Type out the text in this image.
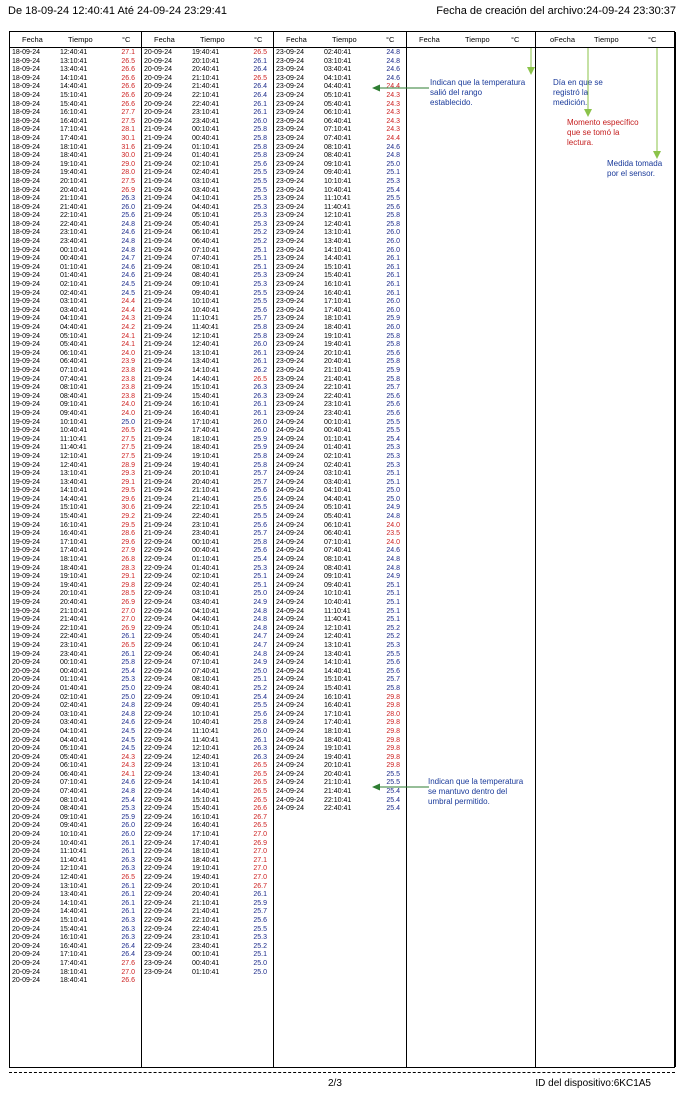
De 18-09-24 12:40:41 Até 24-09-24 23:29:41	Fecha de creación del archivo:24-09-24 23:30:37
Fecha	Tiempo	°C
18-09-24	12:40:41	27.1
18-09-24	13:10:41	26.5
18-09-24	13:40:41	26.6
18-09-24	14:10:41	26.6
18-09-24	14:40:41	26.6
18-09-24	15:10:41	26.6
18-09-24	15:40:41	26.6
18-09-24	16:10:41	27.7
18-09-24	16:40:41	27.5
18-09-24	17:10:41	28.1
18-09-24	17:40:41	30.1
18-09-24	18:10:41	31.6
18-09-24	18:40:41	30.0
18-09-24	19:10:41	29.0
18-09-24	19:40:41	28.0
18-09-24	20:10:41	27.5
18-09-24	20:40:41	26.9
18-09-24	21:10:41	26.3
18-09-24	21:40:41	26.0
18-09-24	22:10:41	25.6
18-09-24	22:40:41	24.8
18-09-24	23:10:41	24.6
18-09-24	23:40:41	24.8
19-09-24	00:10:41	24.8
19-09-24	00:40:41	24.7
19-09-24	01:10:41	24.6
19-09-24	01:40:41	24.6
19-09-24	02:10:41	24.5
19-09-24	02:40:41	24.5
19-09-24	03:10:41	24.4
19-09-24	03:40:41	24.4
19-09-24	04:10:41	24.3
19-09-24	04:40:41	24.2
19-09-24	05:10:41	24.1
19-09-24	05:40:41	24.1
19-09-24	06:10:41	24.0
19-09-24	06:40:41	23.9
19-09-24	07:10:41	23.8
19-09-24	07:40:41	23.8
19-09-24	08:10:41	23.8
19-09-24	08:40:41	23.8
19-09-24	09:10:41	24.0
19-09-24	09:40:41	24.0
19-09-24	10:10:41	25.0
19-09-24	10:40:41	26.5
19-09-24	11:10:41	27.5
19-09-24	11:40:41	27.5
19-09-24	12:10:41	27.5
19-09-24	12:40:41	28.9
19-09-24	13:10:41	29.3
19-09-24	13:40:41	29.1
19-09-24	14:10:41	29.5
19-09-24	14:40:41	29.6
19-09-24	15:10:41	30.6
19-09-24	15:40:41	29.2
19-09-24	16:10:41	29.5
19-09-24	16:40:41	28.6
19-09-24	17:10:41	29.6
19-09-24	17:40:41	27.9
19-09-24	18:10:41	26.8
19-09-24	18:40:41	28.3
19-09-24	19:10:41	29.1
19-09-24	19:40:41	29.8
19-09-24	20:10:41	28.5
19-09-24	20:40:41	26.9
19-09-24	21:10:41	27.0
19-09-24	21:40:41	27.0
19-09-24	22:10:41	26.9
19-09-24	22:40:41	26.1
19-09-24	23:10:41	26.5
19-09-24	23:40:41	26.1
20-09-24	00:10:41	25.8
20-09-24	00:40:41	25.4
20-09-24	01:10:41	25.3
20-09-24	01:40:41	25.0
20-09-24	02:10:41	25.0
20-09-24	02:40:41	24.8
20-09-24	03:10:41	24.8
20-09-24	03:40:41	24.6
20-09-24	04:10:41	24.5
20-09-24	04:40:41	24.5
20-09-24	05:10:41	24.5
20-09-24	05:40:41	24.3
20-09-24	06:10:41	24.3
20-09-24	06:40:41	24.1
20-09-24	07:10:41	24.6
20-09-24	07:40:41	24.8
20-09-24	08:10:41	25.4
20-09-24	08:40:41	25.3
20-09-24	09:10:41	25.9
20-09-24	09:40:41	26.0
20-09-24	10:10:41	26.0
20-09-24	10:40:41	26.1
20-09-24	11:10:41	26.1
20-09-24	11:40:41	26.3
20-09-24	12:10:41	26.3
20-09-24	12:40:41	26.5
20-09-24	13:10:41	26.1
20-09-24	13:40:41	26.1
20-09-24	14:10:41	26.1
20-09-24	14:40:41	26.1
20-09-24	15:10:41	26.3
20-09-24	15:40:41	26.3
20-09-24	16:10:41	26.3
20-09-24	16:40:41	26.4
20-09-24	17:10:41	26.4
20-09-24	17:40:41	27.6
20-09-24	18:10:41	27.0
20-09-24	18:40:41	26.6
Fecha	Tiempo	°C
20-09-24	19:40:41	26.5
20-09-24	20:10:41	26.1
20-09-24	20:40:41	26.4
20-09-24	21:10:41	26.5
20-09-24	21:40:41	26.4
20-09-24	22:10:41	26.4
20-09-24	22:40:41	26.1
20-09-24	23:10:41	26.1
20-09-24	23:40:41	26.0
21-09-24	00:10:41	25.8
21-09-24	00:40:41	25.8
21-09-24	01:10:41	25.8
21-09-24	01:40:41	25.8
21-09-24	02:10:41	25.6
21-09-24	02:40:41	25.5
21-09-24	03:10:41	25.5
21-09-24	03:40:41	25.5
21-09-24	04:10:41	25.3
21-09-24	04:40:41	25.3
21-09-24	05:10:41	25.3
21-09-24	05:40:41	25.3
21-09-24	06:10:41	25.2
21-09-24	06:40:41	25.2
21-09-24	07:10:41	25.1
21-09-24	07:40:41	25.1
21-09-24	08:10:41	25.1
21-09-24	08:40:41	25.3
21-09-24	09:10:41	25.3
21-09-24	09:40:41	25.5
21-09-24	10:10:41	25.5
21-09-24	10:40:41	25.6
21-09-24	11:10:41	25.7
21-09-24	11:40:41	25.8
21-09-24	12:10:41	25.8
21-09-24	12:40:41	26.0
21-09-24	13:10:41	26.1
21-09-24	13:40:41	26.1
21-09-24	14:10:41	26.2
21-09-24	14:40:41	26.5
21-09-24	15:10:41	26.3
21-09-24	15:40:41	26.3
21-09-24	16:10:41	26.1
21-09-24	16:40:41	26.1
21-09-24	17:10:41	26.0
21-09-24	17:40:41	26.0
21-09-24	18:10:41	25.9
21-09-24	18:40:41	25.9
21-09-24	19:10:41	25.8
21-09-24	19:40:41	25.8
21-09-24	20:10:41	25.7
21-09-24	20:40:41	25.7
21-09-24	21:10:41	25.6
21-09-24	21:40:41	25.6
21-09-24	22:10:41	25.5
21-09-24	22:40:41	25.5
21-09-24	23:10:41	25.6
21-09-24	23:40:41	25.7
22-09-24	00:10:41	25.8
22-09-24	00:40:41	25.6
22-09-24	01:10:41	25.4
22-09-24	01:40:41	25.3
22-09-24	02:10:41	25.1
22-09-24	02:40:41	25.1
22-09-24	03:10:41	25.0
22-09-24	03:40:41	24.9
22-09-24	04:10:41	24.8
22-09-24	04:40:41	24.8
22-09-24	05:10:41	24.8
22-09-24	05:40:41	24.7
22-09-24	06:10:41	24.7
22-09-24	06:40:41	24.8
22-09-24	07:10:41	24.9
22-09-24	07:40:41	25.0
22-09-24	08:10:41	25.1
22-09-24	08:40:41	25.2
22-09-24	09:10:41	25.4
22-09-24	09:40:41	25.5
22-09-24	10:10:41	25.6
22-09-24	10:40:41	25.8
22-09-24	11:10:41	26.0
22-09-24	11:40:41	26.1
22-09-24	12:10:41	26.3
22-09-24	12:40:41	26.3
22-09-24	13:10:41	26.5
22-09-24	13:40:41	26.5
22-09-24	14:10:41	26.5
22-09-24	14:40:41	26.5
22-09-24	15:10:41	26.5
22-09-24	15:40:41	26.6
22-09-24	16:10:41	26.7
22-09-24	16:40:41	26.5
22-09-24	17:10:41	27.0
22-09-24	17:40:41	26.9
22-09-24	18:10:41	27.0
22-09-24	18:40:41	27.1
22-09-24	19:10:41	27.0
22-09-24	19:40:41	27.0
22-09-24	20:10:41	26.7
22-09-24	20:40:41	26.1
22-09-24	21:10:41	25.9
22-09-24	21:40:41	25.7
22-09-24	22:10:41	25.6
22-09-24	22:40:41	25.5
22-09-24	23:10:41	25.3
22-09-24	23:40:41	25.2
23-09-24	00:10:41	25.1
23-09-24	00:40:41	25.0
23-09-24	01:10:41	25.0
Fecha	Tiempo	°C
23-09-24	02:40:41	24.8
23-09-24	03:10:41	24.8
23-09-24	03:40:41	24.6
23-09-24	04:10:41	24.6
23-09-24	04:40:41	24.4
23-09-24	05:10:41	24.3
23-09-24	05:40:41	24.3
23-09-24	06:10:41	24.3
23-09-24	06:40:41	24.3
23-09-24	07:10:41	24.3
23-09-24	07:40:41	24.4
23-09-24	08:10:41	24.6
23-09-24	08:40:41	24.8
23-09-24	09:10:41	25.0
23-09-24	09:40:41	25.1
23-09-24	10:10:41	25.3
23-09-24	10:40:41	25.4
23-09-24	11:10:41	25.5
23-09-24	11:40:41	25.6
23-09-24	12:10:41	25.8
23-09-24	12:40:41	25.8
23-09-24	13:10:41	26.0
23-09-24	13:40:41	26.0
23-09-24	14:10:41	26.0
23-09-24	14:40:41	26.1
23-09-24	15:10:41	26.1
23-09-24	15:40:41	26.1
23-09-24	16:10:41	26.1
23-09-24	16:40:41	26.1
23-09-24	17:10:41	26.0
23-09-24	17:40:41	26.0
23-09-24	18:10:41	25.9
23-09-24	18:40:41	26.0
23-09-24	19:10:41	25.8
23-09-24	19:40:41	25.8
23-09-24	20:10:41	25.6
23-09-24	20:40:41	25.8
23-09-24	21:10:41	25.9
23-09-24	21:40:41	25.8
23-09-24	22:10:41	25.7
23-09-24	22:40:41	25.6
23-09-24	23:10:41	25.6
23-09-24	23:40:41	25.6
24-09-24	00:10:41	25.5
24-09-24	00:40:41	25.5
24-09-24	01:10:41	25.4
24-09-24	01:40:41	25.3
24-09-24	02:10:41	25.3
24-09-24	02:40:41	25.3
24-09-24	03:10:41	25.1
24-09-24	03:40:41	25.1
24-09-24	04:10:41	25.0
24-09-24	04:40:41	25.0
24-09-24	05:10:41	24.9
24-09-24	05:40:41	24.8
24-09-24	06:10:41	24.0
24-09-24	06:40:41	23.5
24-09-24	07:10:41	24.0
24-09-24	07:40:41	24.6
24-09-24	08:10:41	24.8
24-09-24	08:40:41	24.8
24-09-24	09:10:41	24.9
24-09-24	09:40:41	25.1
24-09-24	10:10:41	25.1
24-09-24	10:40:41	25.1
24-09-24	11:10:41	25.1
24-09-24	11:40:41	25.1
24-09-24	12:10:41	25.2
24-09-24	12:40:41	25.2
24-09-24	13:10:41	25.3
24-09-24	13:40:41	25.5
24-09-24	14:10:41	25.6
24-09-24	14:40:41	25.6
24-09-24	15:10:41	25.7
24-09-24	15:40:41	25.8
24-09-24	16:10:41	29.8
24-09-24	16:40:41	29.8
24-09-24	17:10:41	28.0
24-09-24	17:40:41	29.8
24-09-24	18:10:41	29.8
24-09-24	18:40:41	29.8
24-09-24	19:10:41	29.8
24-09-24	19:40:41	29.8
24-09-24	20:10:41	29.8
24-09-24	20:40:41	25.5
24-09-24	21:10:41	25.5
24-09-24	21:40:41	25.4
24-09-24	22:10:41	25.4
24-09-24	22:40:41	25.4
Fecha	Tiempo	°C	oFecha	Tiempo	°C
Indican que la temperatura salió del rango establecido.
Día en que se registró la medición.
Momento específico que se tomó la lectura.
Medida tomada por el sensor.
Indican que la temperatura se mantuvo dentro del umbral permitido.
2/3	ID del dispositivo:6KC1A5
